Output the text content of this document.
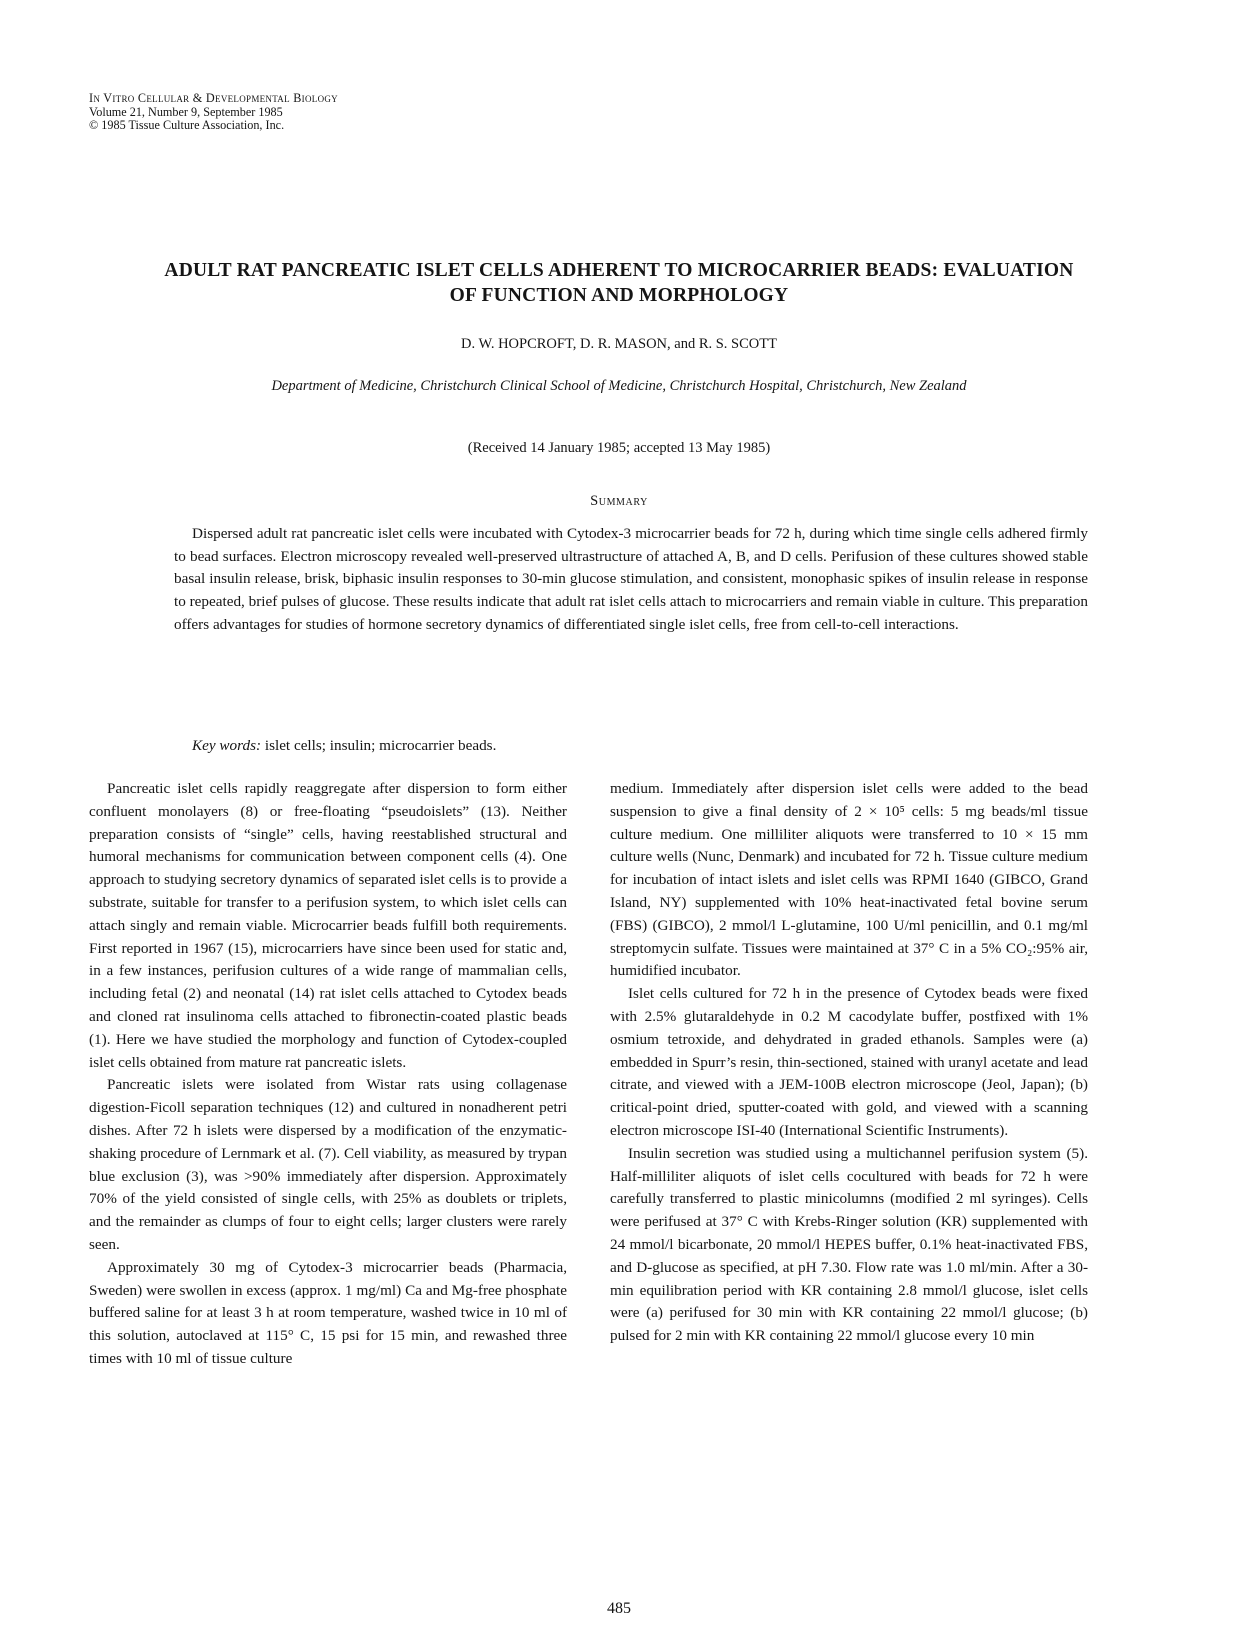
In Vitro Cellular & Developmental Biology
Volume 21, Number 9, September 1985
© 1985 Tissue Culture Association, Inc.
ADULT RAT PANCREATIC ISLET CELLS ADHERENT TO MICROCARRIER BEADS: EVALUATION OF FUNCTION AND MORPHOLOGY
D. W. HOPCROFT, D. R. MASON, and R. S. SCOTT
Department of Medicine, Christchurch Clinical School of Medicine, Christchurch Hospital, Christchurch, New Zealand
(Received 14 January 1985; accepted 13 May 1985)
Summary

Dispersed adult rat pancreatic islet cells were incubated with Cytodex-3 microcarrier beads for 72 h, during which time single cells adhered firmly to bead surfaces. Electron microscopy revealed well-preserved ultrastructure of attached A, B, and D cells. Perifusion of these cultures showed stable basal insulin release, brisk, biphasic insulin responses to 30-min glucose stimulation, and consistent, monophasic spikes of insulin release in response to repeated, brief pulses of glucose. These results indicate that adult rat islet cells attach to microcarriers and remain viable in culture. This preparation offers advantages for studies of hormone secretory dynamics of differentiated single islet cells, free from cell-to-cell interactions.

Key words: islet cells; insulin; microcarrier beads.

Pancreatic islet cells rapidly reaggregate after dispersion to form either confluent monolayers (8) or free-floating “pseudoislets” (13). Neither preparation consists of “single” cells, having reestablished structural and humoral mechanisms for communication between component cells (4). One approach to studying secretory dynamics of separated islet cells is to provide a substrate, suitable for transfer to a perifusion system, to which islet cells can attach singly and remain viable. Microcarrier beads fulfill both requirements. First reported in 1967 (15), microcarriers have since been used for static and, in a few instances, perifusion cultures of a wide range of mammalian cells, including fetal (2) and neonatal (14) rat islet cells attached to Cytodex beads and cloned rat insulinoma cells attached to fibronectin-coated plastic beads (1). Here we have studied the morphology and function of Cytodex-coupled islet cells obtained from mature rat pancreatic islets.

Pancreatic islets were isolated from Wistar rats using collagenase digestion-Ficoll separation techniques (12) and cultured in nonadherent petri dishes. After 72 h islets were dispersed by a modification of the enzymatic-shaking procedure of Lernmark et al. (7). Cell viability, as measured by trypan blue exclusion (3), was >90% immediately after dispersion. Approximately 70% of the yield consisted of single cells, with 25% as doublets or triplets, and the remainder as clumps of four to eight cells; larger clusters were rarely seen.

Approximately 30 mg of Cytodex-3 microcarrier beads (Pharmacia, Sweden) were swollen in excess (approx. 1 mg/ml) Ca and Mg-free phosphate buffered saline for at least 3 h at room temperature, washed twice in 10 ml of this solution, autoclaved at 115° C, 15 psi for 15 min, and rewashed three times with 10 ml of tissue culture

medium. Immediately after dispersion islet cells were added to the bead suspension to give a final density of 2 × 10⁵ cells: 5 mg beads/ml tissue culture medium. One milliliter aliquots were transferred to 10 × 15 mm culture wells (Nunc, Denmark) and incubated for 72 h. Tissue culture medium for incubation of intact islets and islet cells was RPMI 1640 (GIBCO, Grand Island, NY) supplemented with 10% heat-inactivated fetal bovine serum (FBS) (GIBCO), 2 mmol/l L-glutamine, 100 U/ml penicillin, and 0.1 mg/ml streptomycin sulfate. Tissues were maintained at 37° C in a 5% CO₂:95% air, humidified incubator.

Islet cells cultured for 72 h in the presence of Cytodex beads were fixed with 2.5% glutaraldehyde in 0.2 M cacodylate buffer, postfixed with 1% osmium tetroxide, and dehydrated in graded ethanols. Samples were (a) embedded in Spurr’s resin, thin-sectioned, stained with uranyl acetate and lead citrate, and viewed with a JEM-100B electron microscope (Jeol, Japan); (b) critical-point dried, sputter-coated with gold, and viewed with a scanning electron microscope ISI-40 (International Scientific Instruments).

Insulin secretion was studied using a multichannel perifusion system (5). Half-milliliter aliquots of islet cells cocultured with beads for 72 h were carefully transferred to plastic minicolumns (modified 2 ml syringes). Cells were perifused at 37° C with Krebs-Ringer solution (KR) supplemented with 24 mmol/l bicarbonate, 20 mmol/l HEPES buffer, 0.1% heat-inactivated FBS, and D-glucose as specified, at pH 7.30. Flow rate was 1.0 ml/min. After a 30-min equilibration period with KR containing 2.8 mmol/l glucose, islet cells were (a) perifused for 30 min with KR containing 22 mmol/l glucose; (b) pulsed for 2 min with KR containing 22 mmol/l glucose every 10 min

485
